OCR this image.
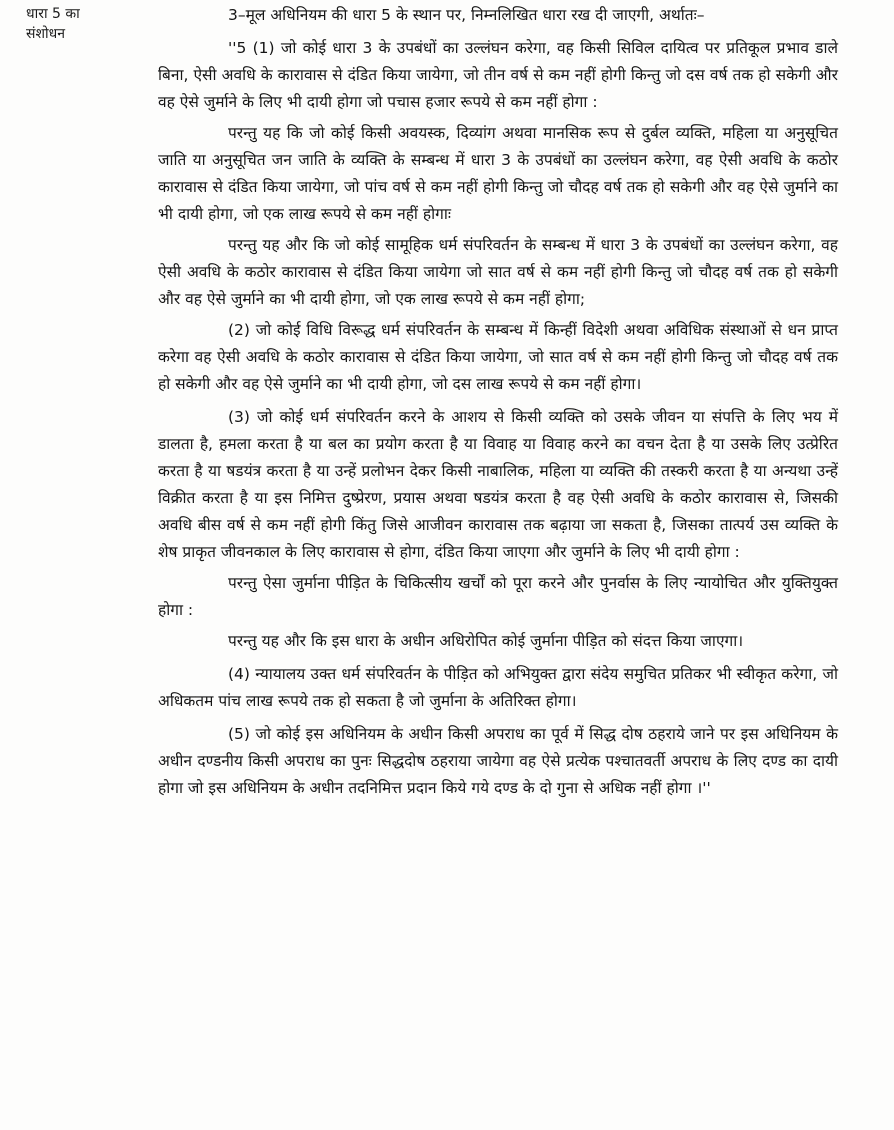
धारा 5 का
संशोधन

3–मूल अधिनियम की धारा 5 के स्थान पर, निम्नलिखित धारा रख दी जाएगी, अर्थातः–

''5 (1) जो कोई धारा 3 के उपबंधों का उल्लंघन करेगा, वह किसी सिविल दायित्व पर प्रतिकूल प्रभाव डाले बिना, ऐसी अवधि के कारावास से दंडित किया जायेगा, जो तीन वर्ष से कम नहीं होगी किन्तु जो दस वर्ष तक हो सकेगी और वह ऐसे जुर्माने के लिए भी दायी होगा जो पचास हजार रूपये से कम नहीं होगा :

परन्तु यह कि जो कोई किसी अवयस्क, दिव्यांग अथवा मानसिक रूप से दुर्बल व्यक्ति, महिला या अनुसूचित जाति या अनुसूचित जन जाति के व्यक्ति के सम्बन्ध में धारा 3 के उपबंधों का उल्लंघन करेगा, वह ऐसी अवधि के कठोर कारावास से दंडित किया जायेगा, जो पांच वर्ष से कम नहीं होगी किन्तु जो चौदह वर्ष तक हो सकेगी और वह ऐसे जुर्माने का भी दायी होगा, जो एक लाख रूपये से कम नहीं होगाः

परन्तु यह और कि जो कोई सामूहिक धर्म संपरिवर्तन के सम्बन्ध में धारा 3 के उपबंधों का उल्लंघन करेगा, वह ऐसी अवधि के कठोर कारावास से दंडित किया जायेगा जो सात वर्ष से कम नहीं होगी किन्तु जो चौदह वर्ष तक हो सकेगी और वह ऐसे जुर्माने का भी दायी होगा, जो एक लाख रूपये से कम नहीं होगा;

(2) जो कोई विधि विरूद्ध धर्म संपरिवर्तन के सम्बन्ध में किन्हीं विदेशी अथवा अविधिक संस्थाओं से धन प्राप्त करेगा वह ऐसी अवधि के कठोर कारावास से दंडित किया जायेगा, जो सात वर्ष से कम नहीं होगी किन्तु जो चौदह वर्ष तक हो सकेगी और वह ऐसे जुर्माने का भी दायी होगा, जो दस लाख रूपये से कम नहीं होगा।

(3) जो कोई धर्म संपरिवर्तन करने के आशय से किसी व्यक्ति को उसके जीवन या संपत्ति के लिए भय में डालता है, हमला करता है या बल का प्रयोग करता है या विवाह या विवाह करने का वचन देता है या उसके लिए उत्प्रेरित करता है या षडयंत्र करता है या उन्हें प्रलोभन देकर किसी नाबालिक, महिला या व्यक्ति की तस्करी करता है या अन्यथा उन्हें विक्रीत करता है या इस निमित्त दुष्प्रेरण, प्रयास अथवा षडयंत्र करता है वह ऐसी अवधि के कठोर कारावास से, जिसकी अवधि बीस वर्ष से कम नहीं होगी किंतु जिसे आजीवन कारावास तक बढ़ाया जा सकता है, जिसका तात्पर्य उस व्यक्ति के शेष प्राकृत जीवनकाल के लिए कारावास से होगा, दंडित किया जाएगा और जुर्माने के लिए भी दायी होगा :

परन्तु ऐसा जुर्माना पीड़ित के चिकित्सीय खर्चों को पूरा करने और पुनर्वास के लिए न्यायोचित और युक्तियुक्त होगा :

परन्तु यह और कि इस धारा के अधीन अधिरोपित कोई जुर्माना पीड़ित को संदत्त किया जाएगा।

(4) न्यायालय उक्त धर्म संपरिवर्तन के पीड़ित को अभियुक्त द्वारा संदेय समुचित प्रतिकर भी स्वीकृत करेगा, जो अधिकतम पांच लाख रूपये तक हो सकता है जो जुर्माना के अतिरिक्त होगा।

(5) जो कोई इस अधिनियम के अधीन किसी अपराध का पूर्व में सिद्ध दोष ठहराये जाने पर इस अधिनियम के अधीन दण्डनीय किसी अपराध का पुनः सिद्धदोष ठहराया जायेगा वह ऐसे प्रत्येक पश्चातवर्ती अपराध के लिए दण्ड का दायी होगा जो इस अधिनियम के अधीन तदनिमित्त प्रदान किये गये दण्ड के दो गुना से अधिक नहीं होगा ।''
